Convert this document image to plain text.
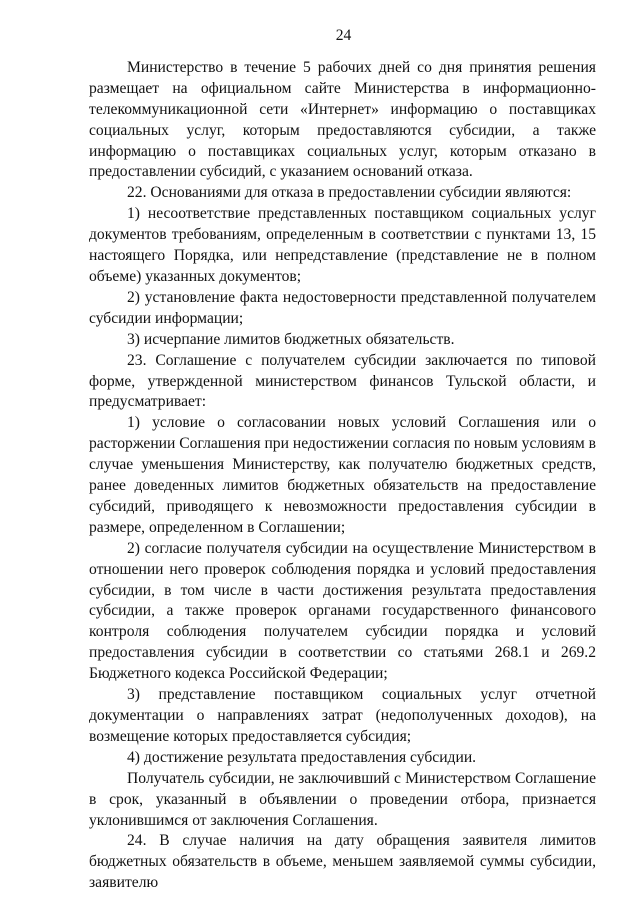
24

Министерство в течение 5 рабочих дней со дня принятия решения размещает на официальном сайте Министерства в информационно-телекоммуникационной сети «Интернет» информацию о поставщиках социальных услуг, которым предоставляются субсидии, а также информацию о поставщиках социальных услуг, которым отказано в предоставлении субсидий, с указанием оснований отказа.

22. Основаниями для отказа в предоставлении субсидии являются:

1) несоответствие представленных поставщиком социальных услуг документов требованиям, определенным в соответствии с пунктами 13, 15 настоящего Порядка, или непредставление (представление не в полном объеме) указанных документов;

2) установление факта недостоверности представленной получателем субсидии информации;

3) исчерпание лимитов бюджетных обязательств.

23. Соглашение с получателем субсидии заключается по типовой форме, утвержденной министерством финансов Тульской области, и предусматривает:

1) условие о согласовании новых условий Соглашения или о расторжении Соглашения при недостижении согласия по новым условиям в случае уменьшения Министерству, как получателю бюджетных средств, ранее доведенных лимитов бюджетных обязательств на предоставление субсидий, приводящего к невозможности предоставления субсидии в размере, определенном в Соглашении;

2) согласие получателя субсидии на осуществление Министерством в отношении него проверок соблюдения порядка и условий предоставления субсидии, в том числе в части достижения результата предоставления субсидии, а также проверок органами государственного финансового контроля соблюдения получателем субсидии порядка и условий предоставления субсидии в соответствии со статьями 268.1 и 269.2 Бюджетного кодекса Российской Федерации;

3) представление поставщиком социальных услуг отчетной документации о направлениях затрат (недополученных доходов), на возмещение которых предоставляется субсидия;

4) достижение результата предоставления субсидии.

Получатель субсидии, не заключивший с Министерством Соглашение в срок, указанный в объявлении о проведении отбора, признается уклонившимся от заключения Соглашения.

24. В случае наличия на дату обращения заявителя лимитов бюджетных обязательств в объеме, меньшем заявляемой суммы субсидии, заявителю
